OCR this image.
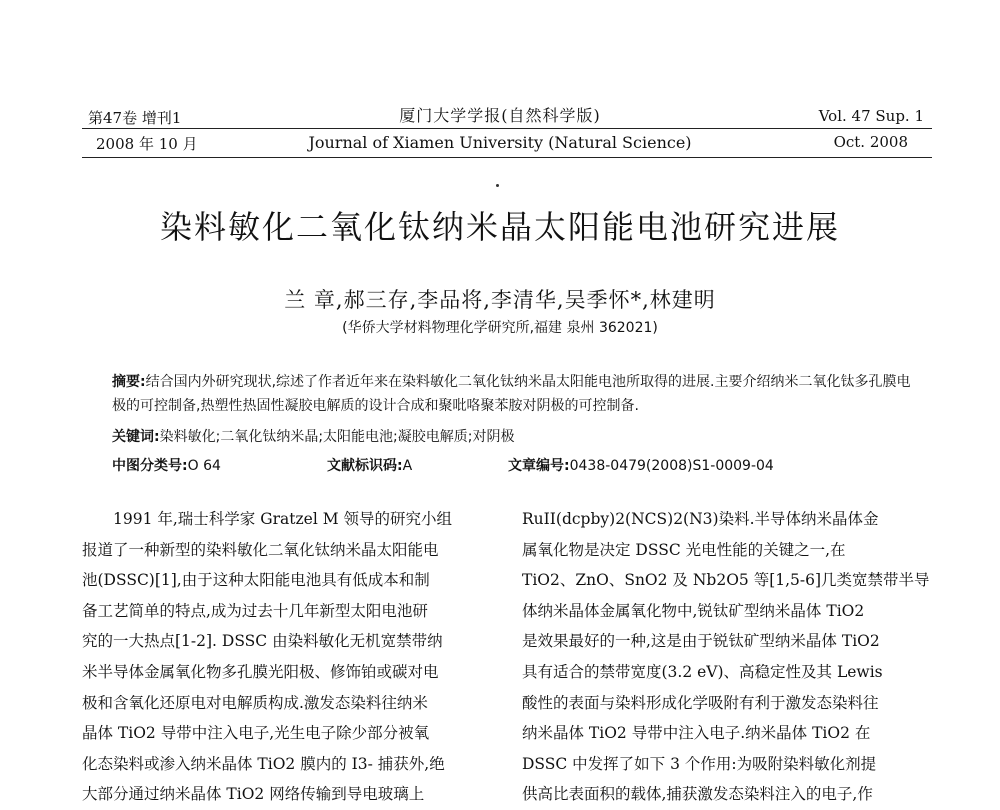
第47卷 增刊1	厦门大学学报(自然科学版)	Vol. 47 Sup. 1
2008 年 10 月	Journal of Xiamen University (Natural Science)	Oct. 2008
染料敏化二氧化钛纳米晶太阳能电池研究进展
兰 章,郝三存,李品将,李清华,吴季怀*,林建明
(华侨大学材料物理化学研究所,福建 泉州 362021)
摘要:结合国内外研究现状,综述了作者近年来在染料敏化二氧化钛纳米晶太阳能电池所取得的进展.主要介绍纳米二氧化钛多孔膜电极的可控制备,热塑性热固性凝胶电解质的设计合成和聚吡咯聚苯胺对阴极的可控制备.
关键词:染料敏化;二氧化钛纳米晶;太阳能电池;凝胶电解质;对阴极
中图分类号:O 64	文献标识码:A	文章编号:0438-0479(2008)S1-0009-04
1991 年,瑞士科学家 Gratzel M 领导的研究小组
报道了一种新型的染料敏化二氧化钛纳米晶太阳能电
池(DSSC)[1],由于这种太阳能电池具有低成本和制
备工艺简单的特点,成为过去十几年新型太阳电池研
究的一大热点[1-2]. DSSC 由染料敏化无机宽禁带纳
米半导体金属氧化物多孔膜光阳极、修饰铂或碳对电
极和含氧化还原电对电解质构成.激发态染料往纳米
晶体 TiO2 导带中注入电子,光生电子除少部分被氧
化态染料或渗入纳米晶体 TiO2 膜内的 I3- 捕获外,绝
大部分通过纳米晶体 TiO2 网络传输到导电玻璃上
RuII(dcpby)2(NCS)2(N3)染料.半导体纳米晶体金
属氧化物是决定 DSSC 光电性能的关键之一,在
TiO2、ZnO、SnO2 及 Nb2O5 等[1,5-6]几类宽禁带半导
体纳米晶体金属氧化物中,锐钛矿型纳米晶体 TiO2
是效果最好的一种,这是由于锐钛矿型纳米晶体 TiO2
具有适合的禁带宽度(3.2 eV)、高稳定性及其 Lewis
酸性的表面与染料形成化学吸附有利于激发态染料往
纳米晶体 TiO2 导带中注入电子.纳米晶体 TiO2 在
DSSC 中发挥了如下 3 个作用:为吸附染料敏化剂提
供高比表面积的载体,捕获激发态染料注入的电子,作
